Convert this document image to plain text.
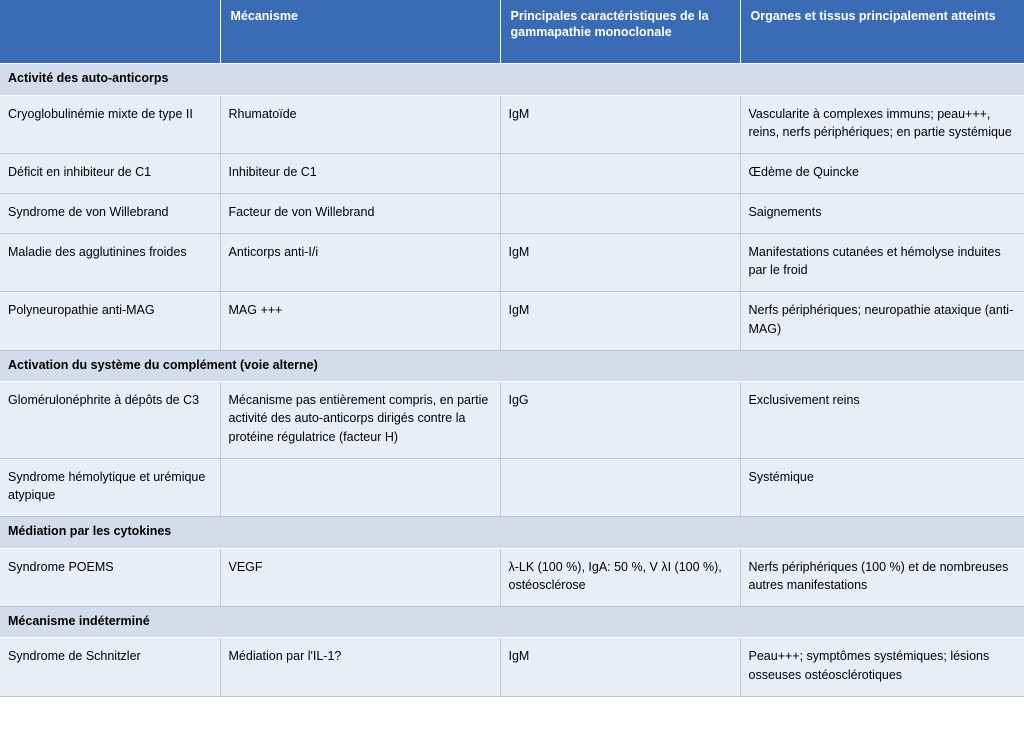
	Mécanisme	Principales caractéristiques de la gammapathie monoclonale	Organes et tissus principalement atteints
Activité des auto-anticorps			
Cryoglobulinémie mixte de type II	Rhumatoïde	IgM	Vascularite à complexes immuns; peau+++, reins, nerfs périphériques; en partie systémique
Déficit en inhibiteur de C1	Inhibiteur de C1		Œdème de Quincke
Syndrome de von Willebrand	Facteur de von Willebrand		Saignements
Maladie des agglutinines froides	Anticorps anti-I/i	IgM	Manifestations cutanées et hémolyse induites par le froid
Polyneuropathie anti-MAG	MAG +++	IgM	Nerfs périphériques; neuropathie ataxique (anti-MAG)
Activation du système du complément (voie alterne)			
Glomérulonéphrite à dépôts de C3	Mécanisme pas entièrement compris, en partie activité des auto-anticorps dirigés contre la protéine régulatrice (facteur H)	IgG	Exclusivement reins
Syndrome hémolytique et urémique atypique			Systémique
Médiation par les cytokines			
Syndrome POEMS	VEGF	λ-LK (100 %), IgA: 50 %, V λI (100 %), ostéosclérose	Nerfs périphériques (100 %) et de nombreuses autres manifestations
Mécanisme indéterminé			
Syndrome de Schnitzler	Médiation par l'IL-1?	IgM	Peau+++; symptômes systémiques; lésions osseuses ostéosclérotiques
